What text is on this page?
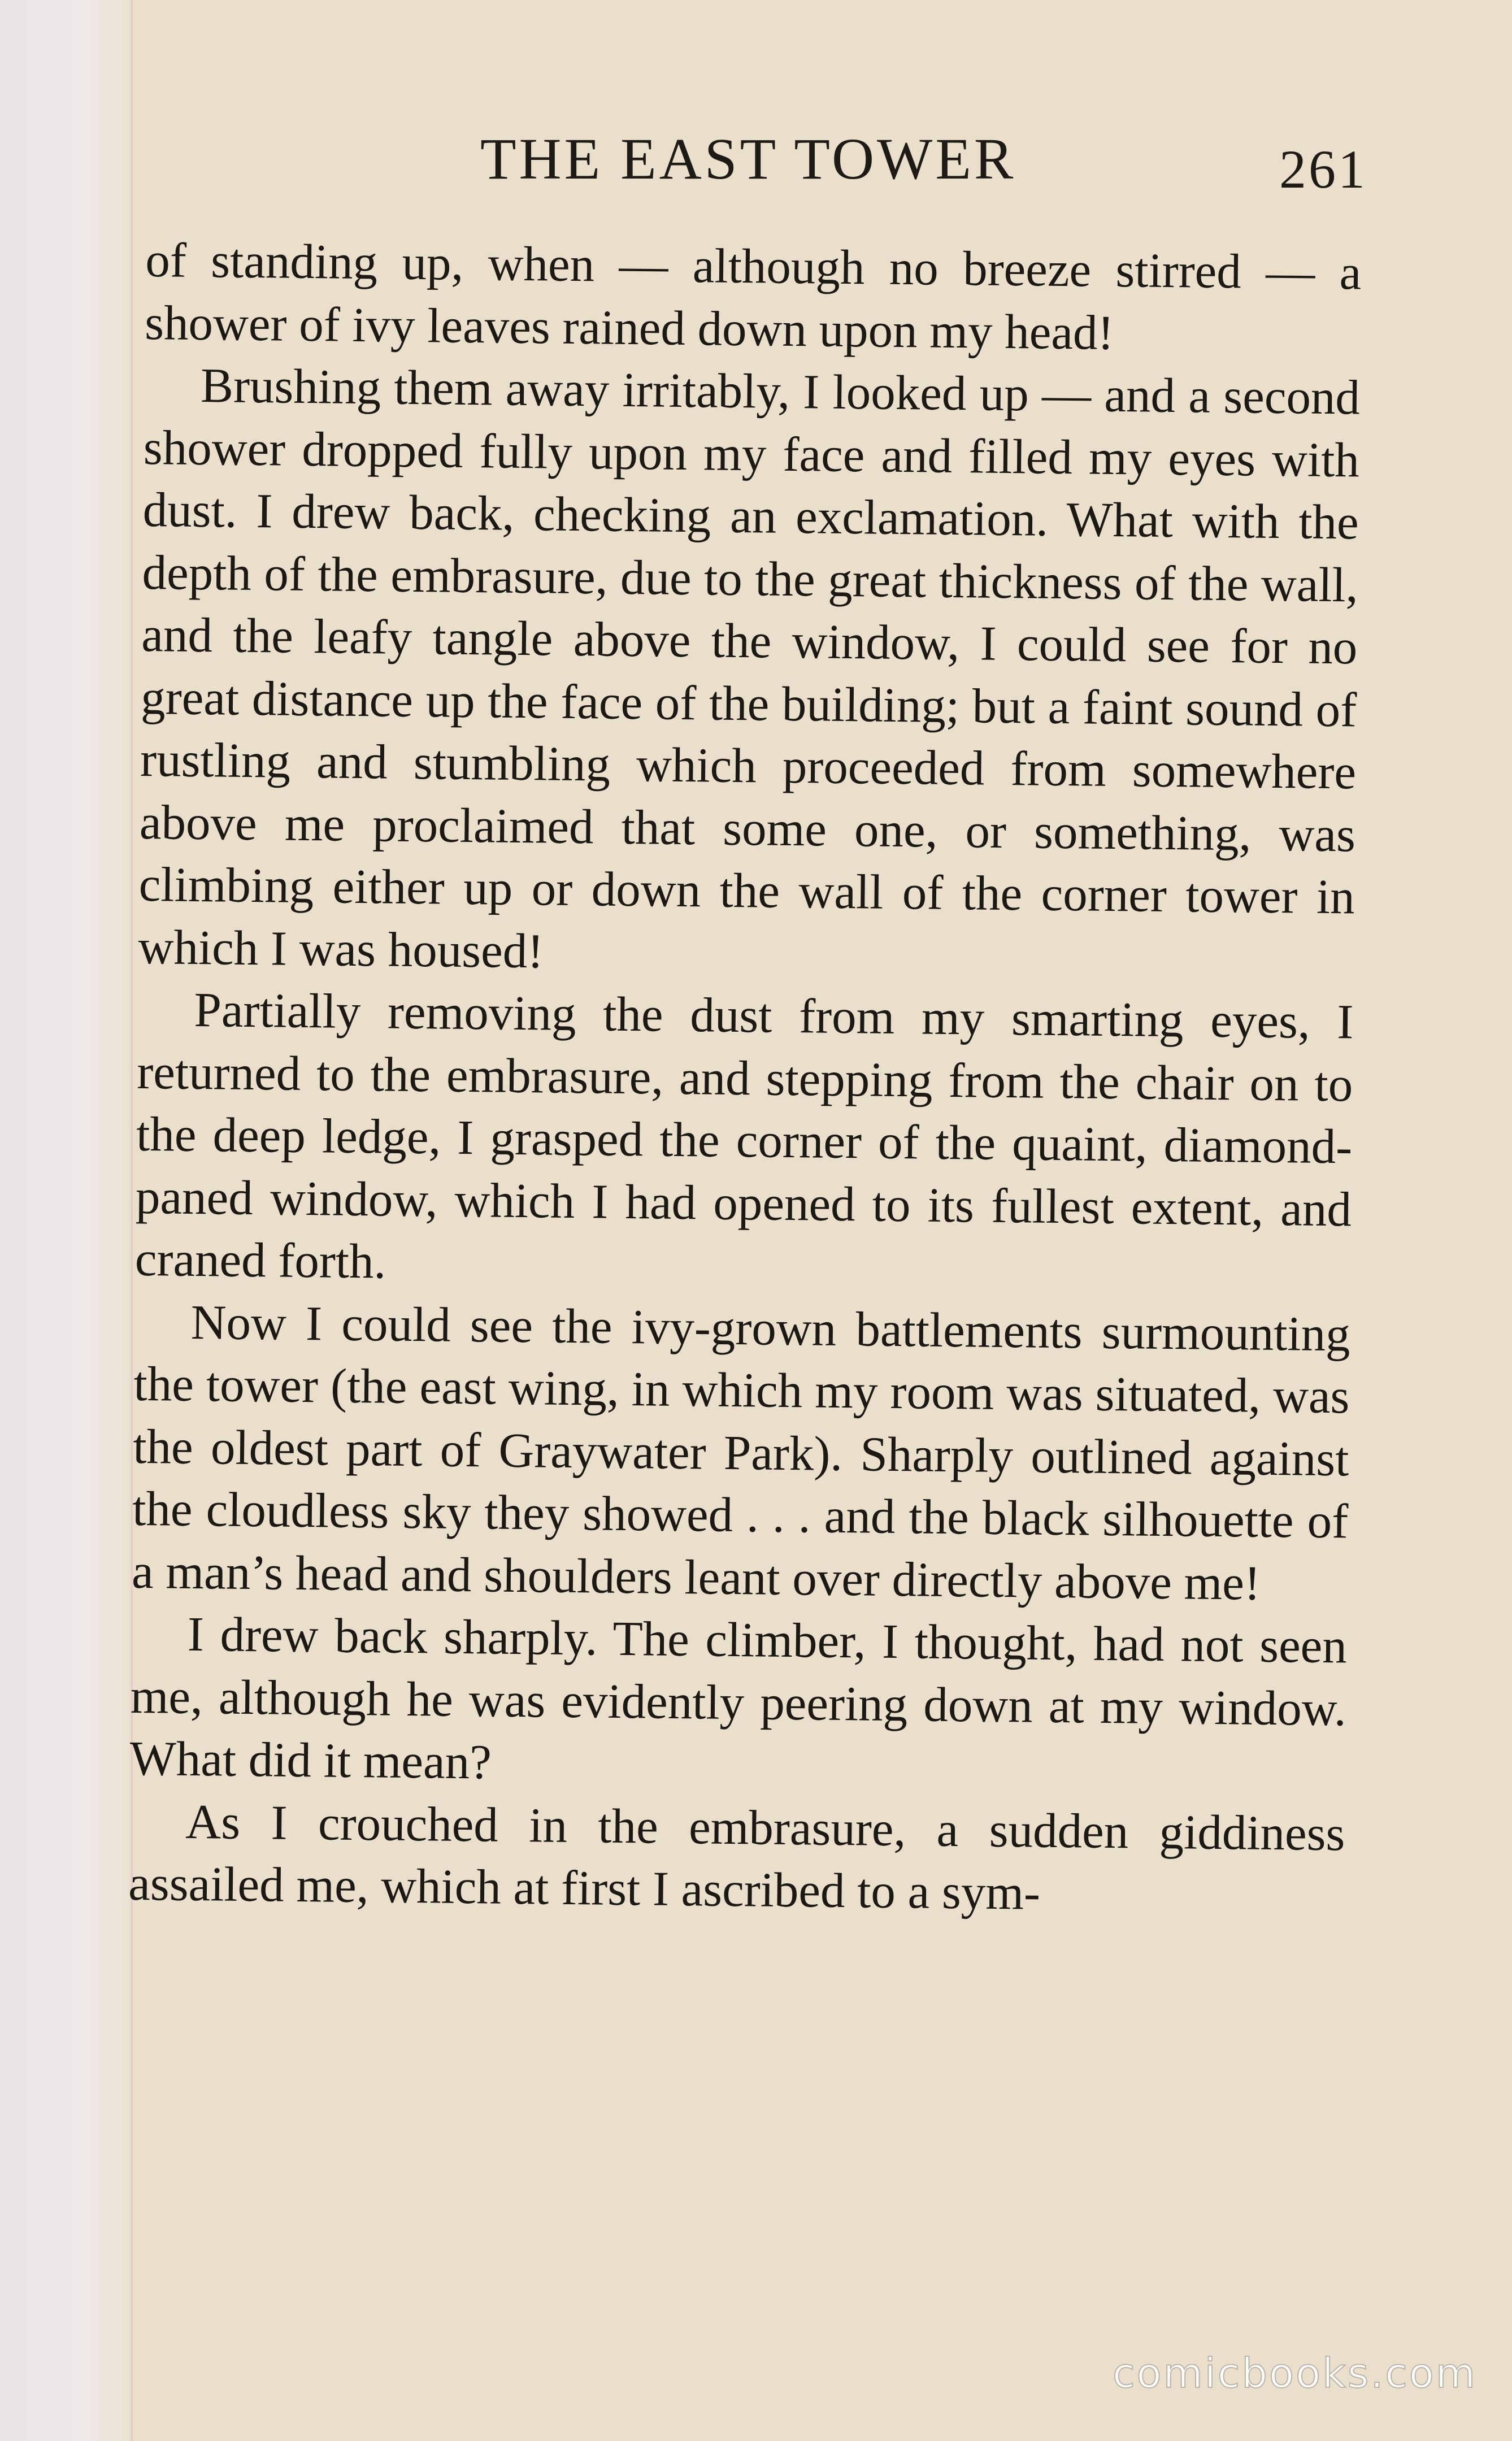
THE EAST TOWER	261

of standing up, when — although no breeze stirred — a shower of ivy leaves rained down upon my head!

Brushing them away irritably, I looked up — and a second shower dropped fully upon my face and filled my eyes with dust. I drew back, checking an exclamation. What with the depth of the embrasure, due to the great thickness of the wall, and the leafy tangle above the window, I could see for no great distance up the face of the building; but a faint sound of rustling and stumbling which proceeded from somewhere above me proclaimed that some one, or something, was climbing either up or down the wall of the corner tower in which I was housed!

Partially removing the dust from my smarting eyes, I returned to the embrasure, and stepping from the chair on to the deep ledge, I grasped the corner of the quaint, diamond-paned window, which I had opened to its fullest extent, and craned forth.

Now I could see the ivy-grown battlements surmounting the tower (the east wing, in which my room was situated, was the oldest part of Graywater Park). Sharply outlined against the cloudless sky they showed . . . and the black silhouette of a man’s head and shoulders leant over directly above me!

I drew back sharply. The climber, I thought, had not seen me, although he was evidently peering down at my window. What did it mean?

As I crouched in the embrasure, a sudden giddiness assailed me, which at first I ascribed to a sym-

comicbooks.com
